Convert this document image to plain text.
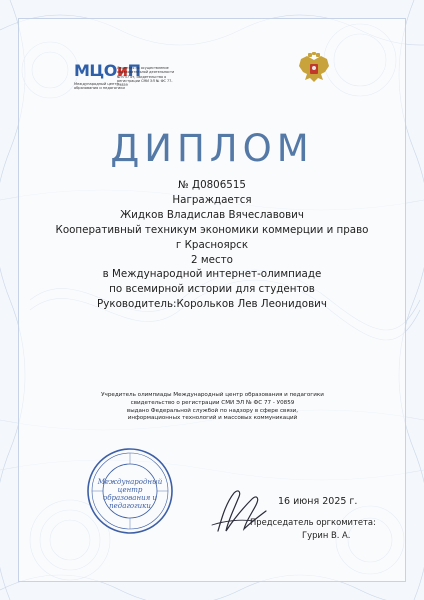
МЦОиП
Международный центр образования и педагогики
Лицензия на осуществление образовательной деятельности №9757 от, свидетельство о регистрации СМИ ЭЛ № ФС 77-79859
ДИПЛОМ
№ Д0806515
Награждается
Жидков Владислав Вячеславович
Кооперативный техникум экономики коммерции и право
г Красноярск
2 место
в Международной интернет-олимпиаде
по всемирной истории для студентов
Руководитель:Корольков Лев Леонидович
Учредитель олимпиады Международный центр образования и педагогики
свидетельство о регистрации СМИ ЭЛ № ФС 77 - У0859
выдано Федеральной службой по надзору в сфере связи,
информационных технологий и массовых коммуникаций
Международный
центр
образования и
педагогики	16 июня 2025 г.
Председатель оргкомитета:
Гурин В. А.
